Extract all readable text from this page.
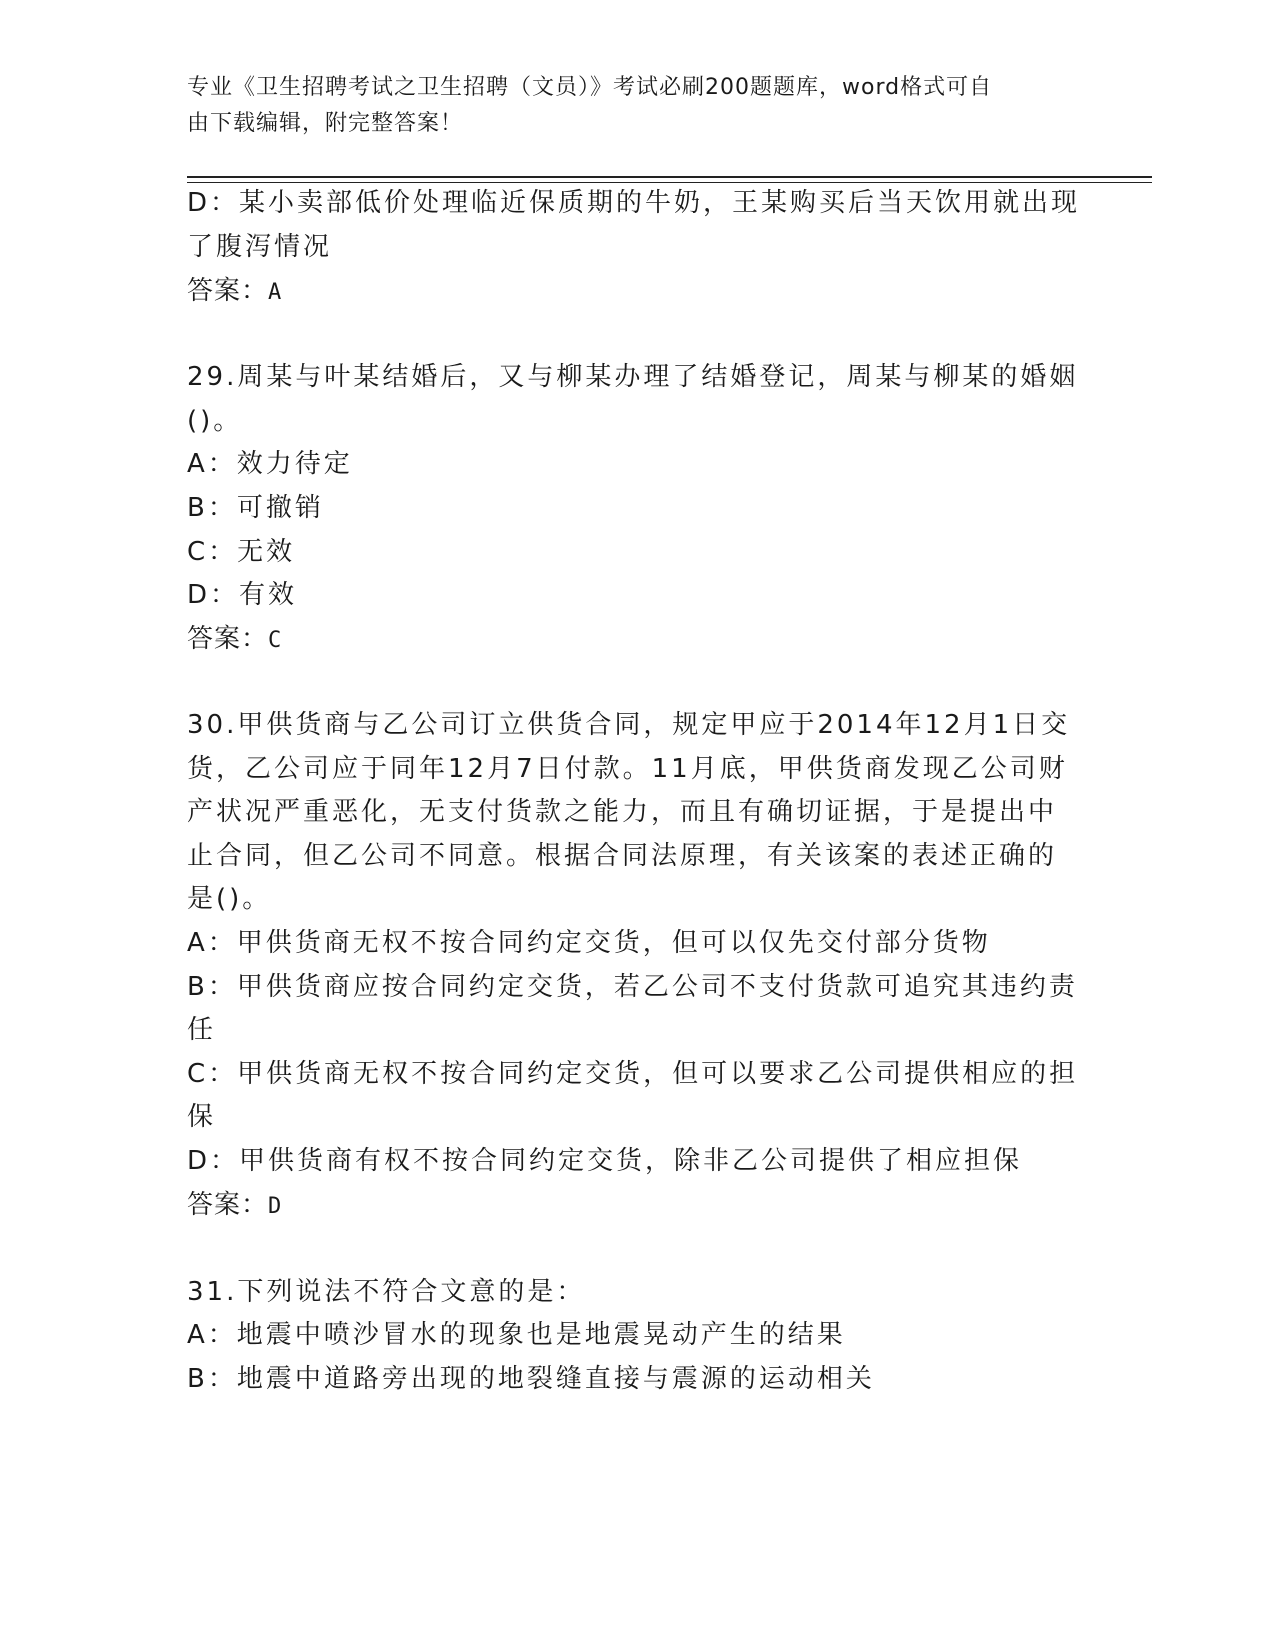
专业《卫生招聘考试之卫生招聘（文员）》考试必刷200题题库，word格式可自
由下载编辑，附完整答案！
D：某小卖部低价处理临近保质期的牛奶，王某购买后当天饮用就出现
了腹泻情况
答案：A
29.周某与叶某结婚后，又与柳某办理了结婚登记，周某与柳某的婚姻
()。
A：效力待定
B：可撤销
C：无效
D：有效
答案：C
30.甲供货商与乙公司订立供货合同，规定甲应于2014年12月1日交
货，乙公司应于同年12月7日付款。11月底，甲供货商发现乙公司财
产状况严重恶化，无支付货款之能力，而且有确切证据，于是提出中
止合同，但乙公司不同意。根据合同法原理，有关该案的表述正确的
是()。
A：甲供货商无权不按合同约定交货，但可以仅先交付部分货物
B：甲供货商应按合同约定交货，若乙公司不支付货款可追究其违约责
任
C：甲供货商无权不按合同约定交货，但可以要求乙公司提供相应的担
保
D：甲供货商有权不按合同约定交货，除非乙公司提供了相应担保
答案：D
31.下列说法不符合文意的是：
A：地震中喷沙冒水的现象也是地震晃动产生的结果
B：地震中道路旁出现的地裂缝直接与震源的运动相关
